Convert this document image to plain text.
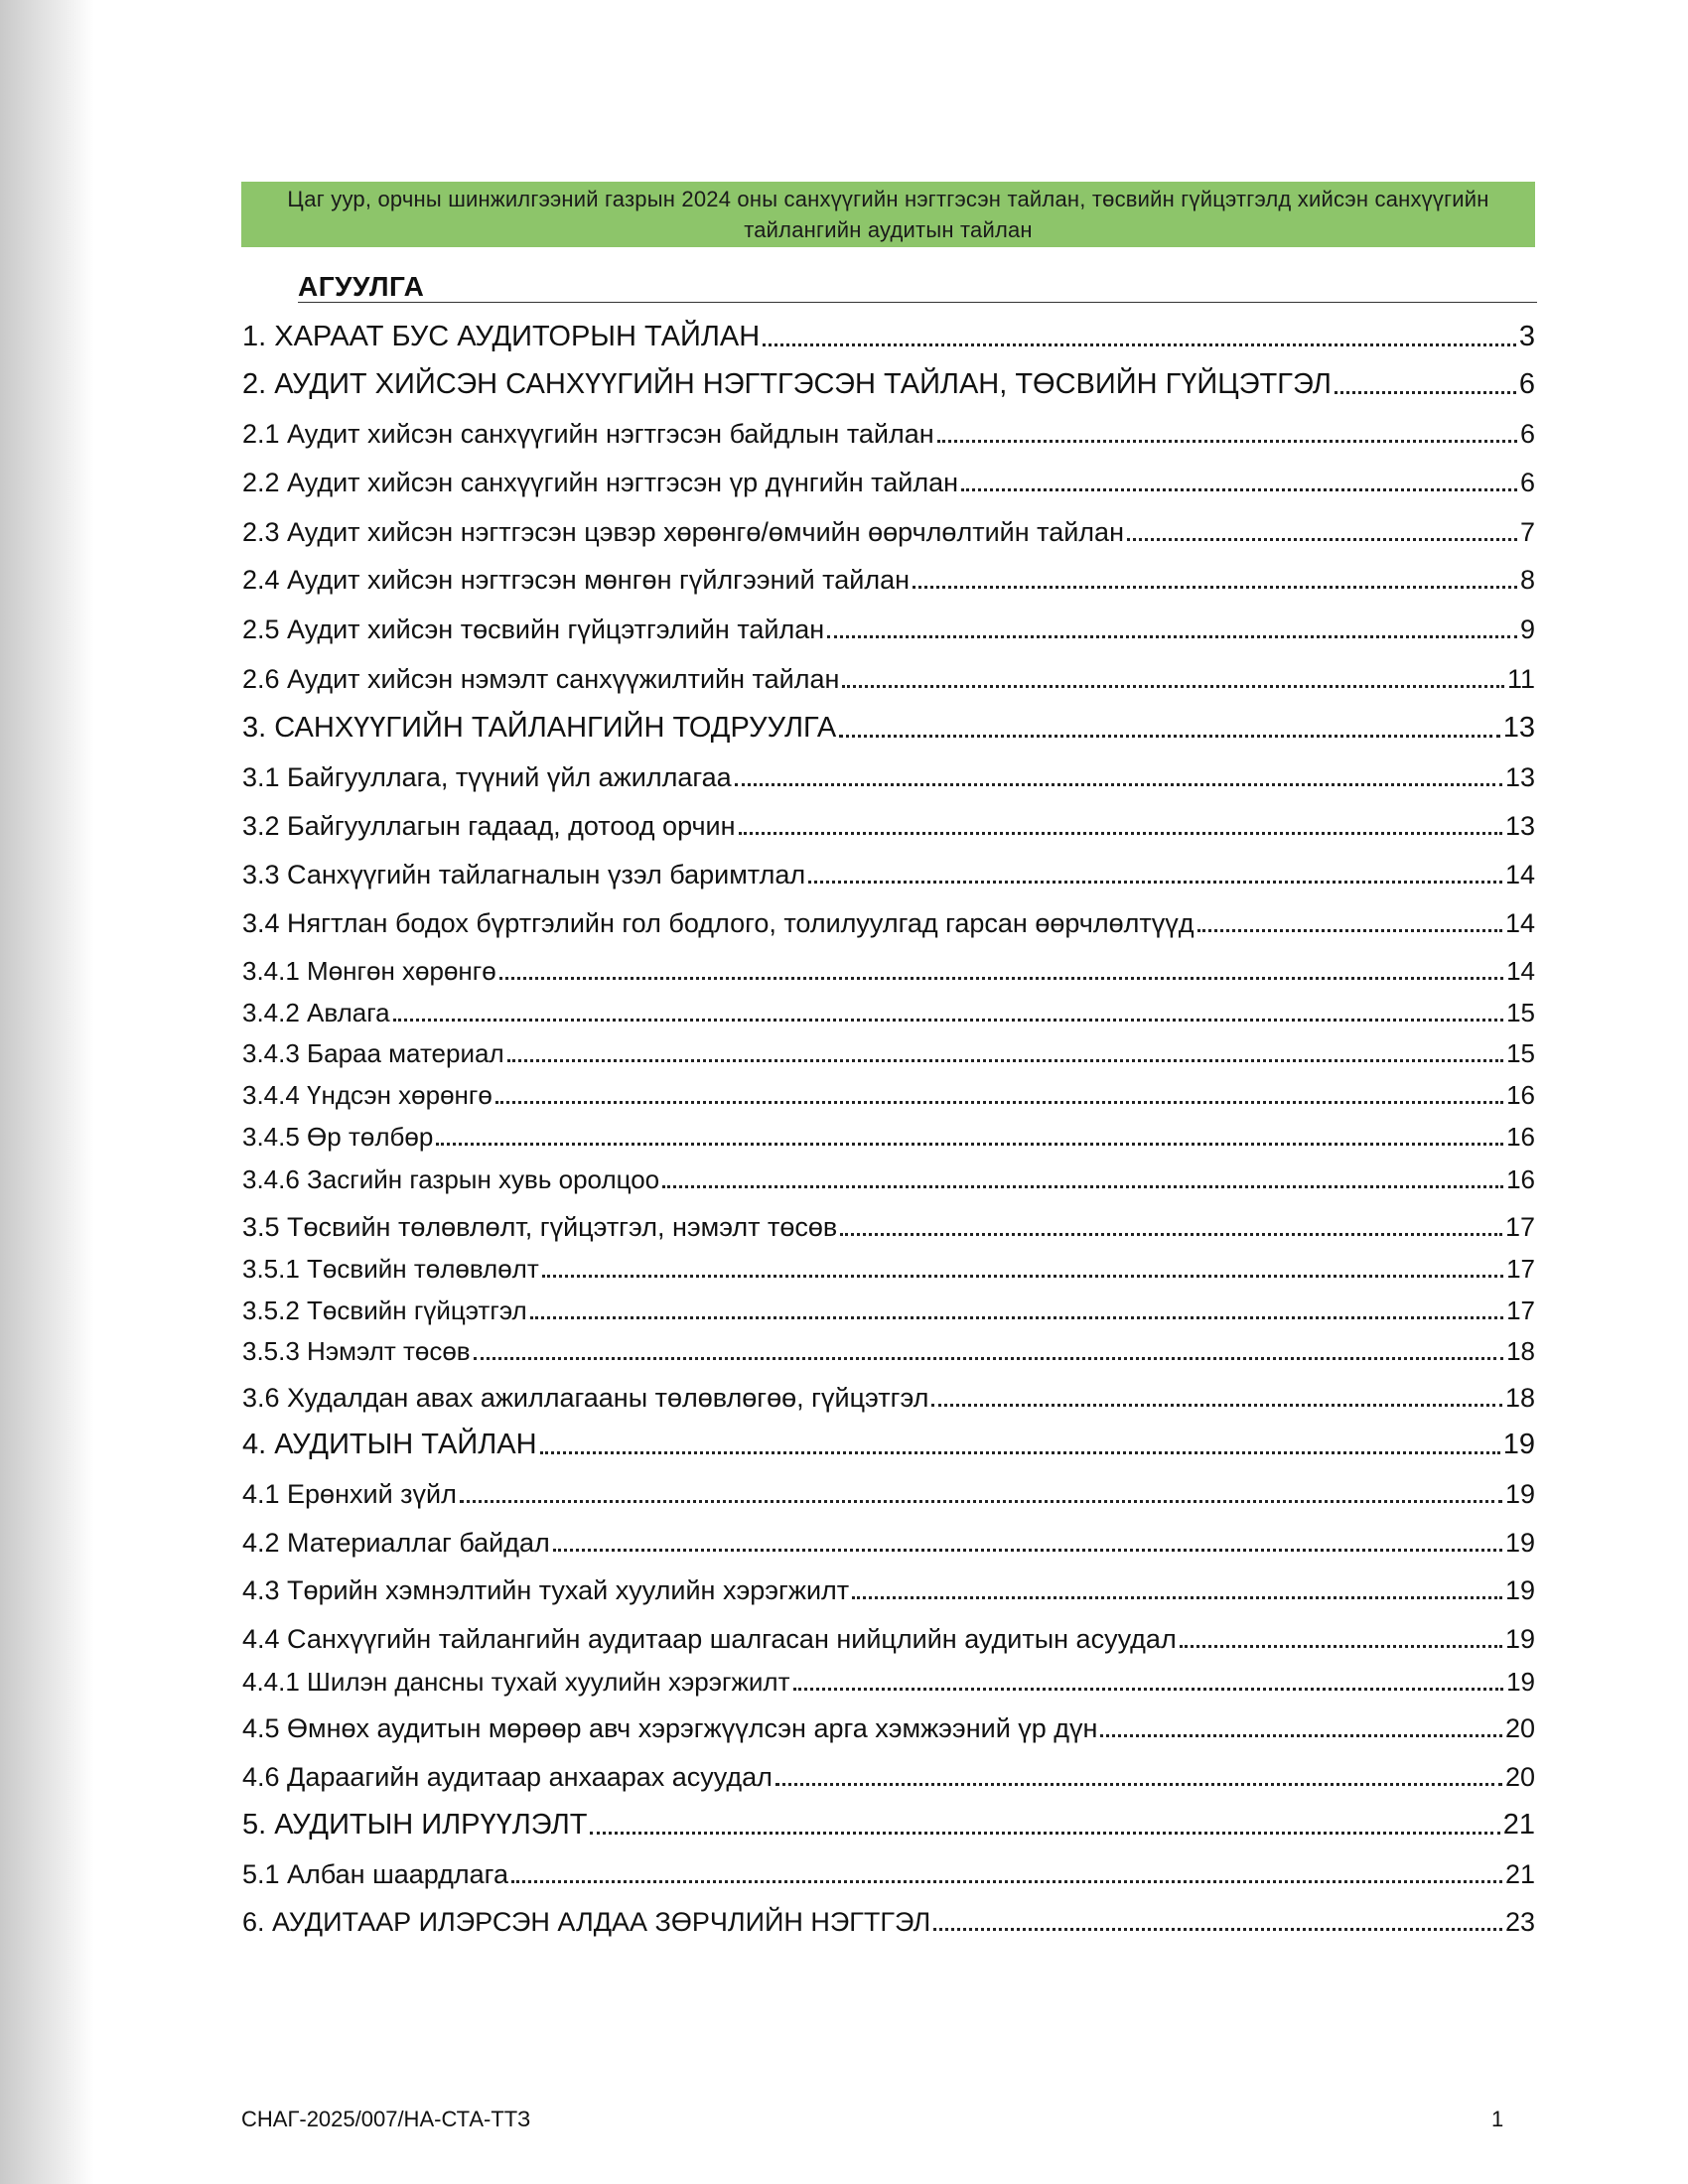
Цаг уур, орчны шинжилгээний газрын 2024 оны санхүүгийн нэгтгэсэн тайлан, төсвийн гүйцэтгэлд хийсэн санхүүгийн тайлангийн аудитын тайлан
АГУУЛГА
1. ХАРААТ БУС АУДИТОРЫН ТАЙЛАН	3
2. АУДИТ ХИЙСЭН САНХҮҮГИЙН НЭГТГЭСЭН ТАЙЛАН, ТӨСВИЙН ГҮЙЦЭТГЭЛ	6
2.1 Аудит хийсэн санхүүгийн нэгтгэсэн байдлын тайлан	6
2.2 Аудит хийсэн санхүүгийн нэгтгэсэн үр дүнгийн тайлан	6
2.3 Аудит хийсэн нэгтгэсэн цэвэр хөрөнгө/өмчийн өөрчлөлтийн тайлан	7
2.4 Аудит хийсэн нэгтгэсэн мөнгөн гүйлгээний тайлан	8
2.5 Аудит хийсэн төсвийн гүйцэтгэлийн тайлан	9
2.6 Аудит хийсэн нэмэлт санхүүжилтийн тайлан	11
3. САНХҮҮГИЙН ТАЙЛАНГИЙН ТОДРУУЛГА	13
3.1 Байгууллага, түүний үйл ажиллагаа	13
3.2 Байгууллагын гадаад, дотоод орчин	13
3.3 Санхүүгийн тайлагналын үзэл баримтлал	14
3.4 Нягтлан бодох бүртгэлийн гол бодлого, толилуулгад гарсан өөрчлөлтүүд	14
3.4.1 Мөнгөн хөрөнгө	14
3.4.2 Авлага	15
3.4.3 Бараа материал	15
3.4.4 Үндсэн хөрөнгө	16
3.4.5 Өр төлбөр	16
3.4.6 Засгийн газрын хувь оролцоо	16
3.5 Төсвийн төлөвлөлт, гүйцэтгэл, нэмэлт төсөв	17
3.5.1 Төсвийн төлөвлөлт	17
3.5.2 Төсвийн гүйцэтгэл	17
3.5.3 Нэмэлт төсөв	18
3.6 Худалдан авах ажиллагааны төлөвлөгөө, гүйцэтгэл	18
4. АУДИТЫН ТАЙЛАН	19
4.1 Ерөнхий зүйл	19
4.2 Материаллаг байдал	19
4.3 Төрийн хэмнэлтийн тухай хуулийн хэрэгжилт	19
4.4 Санхүүгийн тайлангийн аудитаар шалгасан нийцлийн аудитын асуудал	19
4.4.1 Шилэн дансны тухай хуулийн хэрэгжилт	19
4.5 Өмнөх аудитын мөрөөр авч хэрэгжүүлсэн арга хэмжээний үр дүн	20
4.6 Дараагийн аудитаар анхаарах асуудал	20
5. АУДИТЫН ИЛРҮҮЛЭЛТ	21
5.1 Албан шаардлага	21
6. АУДИТААР ИЛЭРСЭН АЛДАА ЗӨРЧЛИЙН НЭГТГЭЛ	23
СНАГ-2025/007/НА-СТА-ТТЗ	1
